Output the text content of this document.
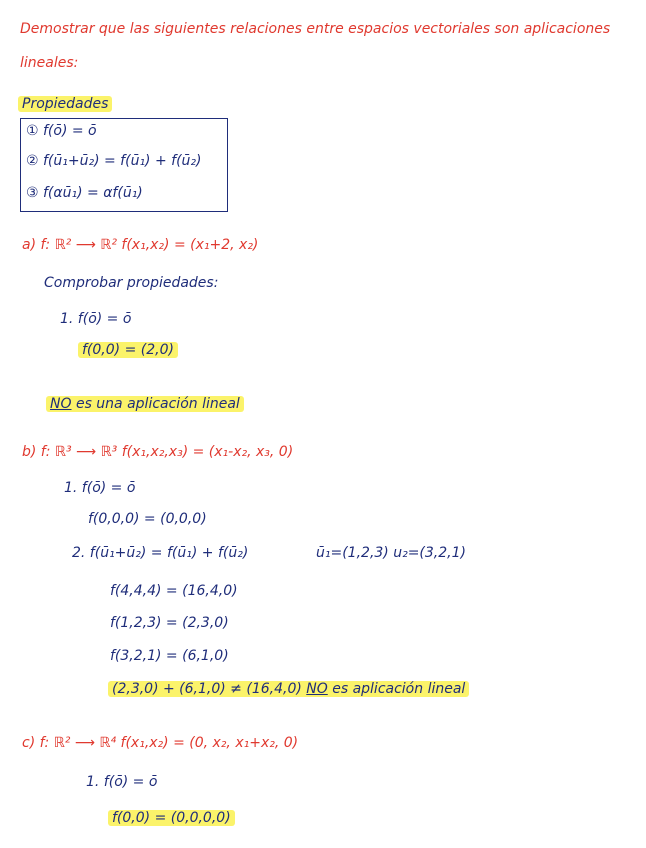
Demostrar que las siguientes relaciones entre espacios vectoriales son aplicaciones
lineales:
Propiedades
① f(ō) = ō
② f(ū₁+ū₂) = f(ū₁) + f(ū₂)
③ f(αū₁) = αf(ū₁)
a) f: ℝ² ⟶ ℝ² f(x₁,x₂) = (x₁+2, x₂)
Comprobar propiedades:
1. f(ō) = ō
f(0,0) = (2,0)
NO es una aplicación lineal
b) f: ℝ³ ⟶ ℝ³ f(x₁,x₂,x₃) = (x₁-x₂, x₃, 0)
1. f(ō) = ō
f(0,0,0) = (0,0,0)
2. f(ū₁+ū₂) = f(ū₁) + f(ū₂)	ū₁=(1,2,3) u₂=(3,2,1)
f(4,4,4) = (16,4,0)
f(1,2,3) = (2,3,0)
f(3,2,1) = (6,1,0)
(2,3,0) + (6,1,0) ≠ (16,4,0) NO es aplicación lineal
c) f: ℝ² ⟶ ℝ⁴ f(x₁,x₂) = (0, x₂, x₁+x₂, 0)
1. f(ō) = ō
f(0,0) = (0,0,0,0)
